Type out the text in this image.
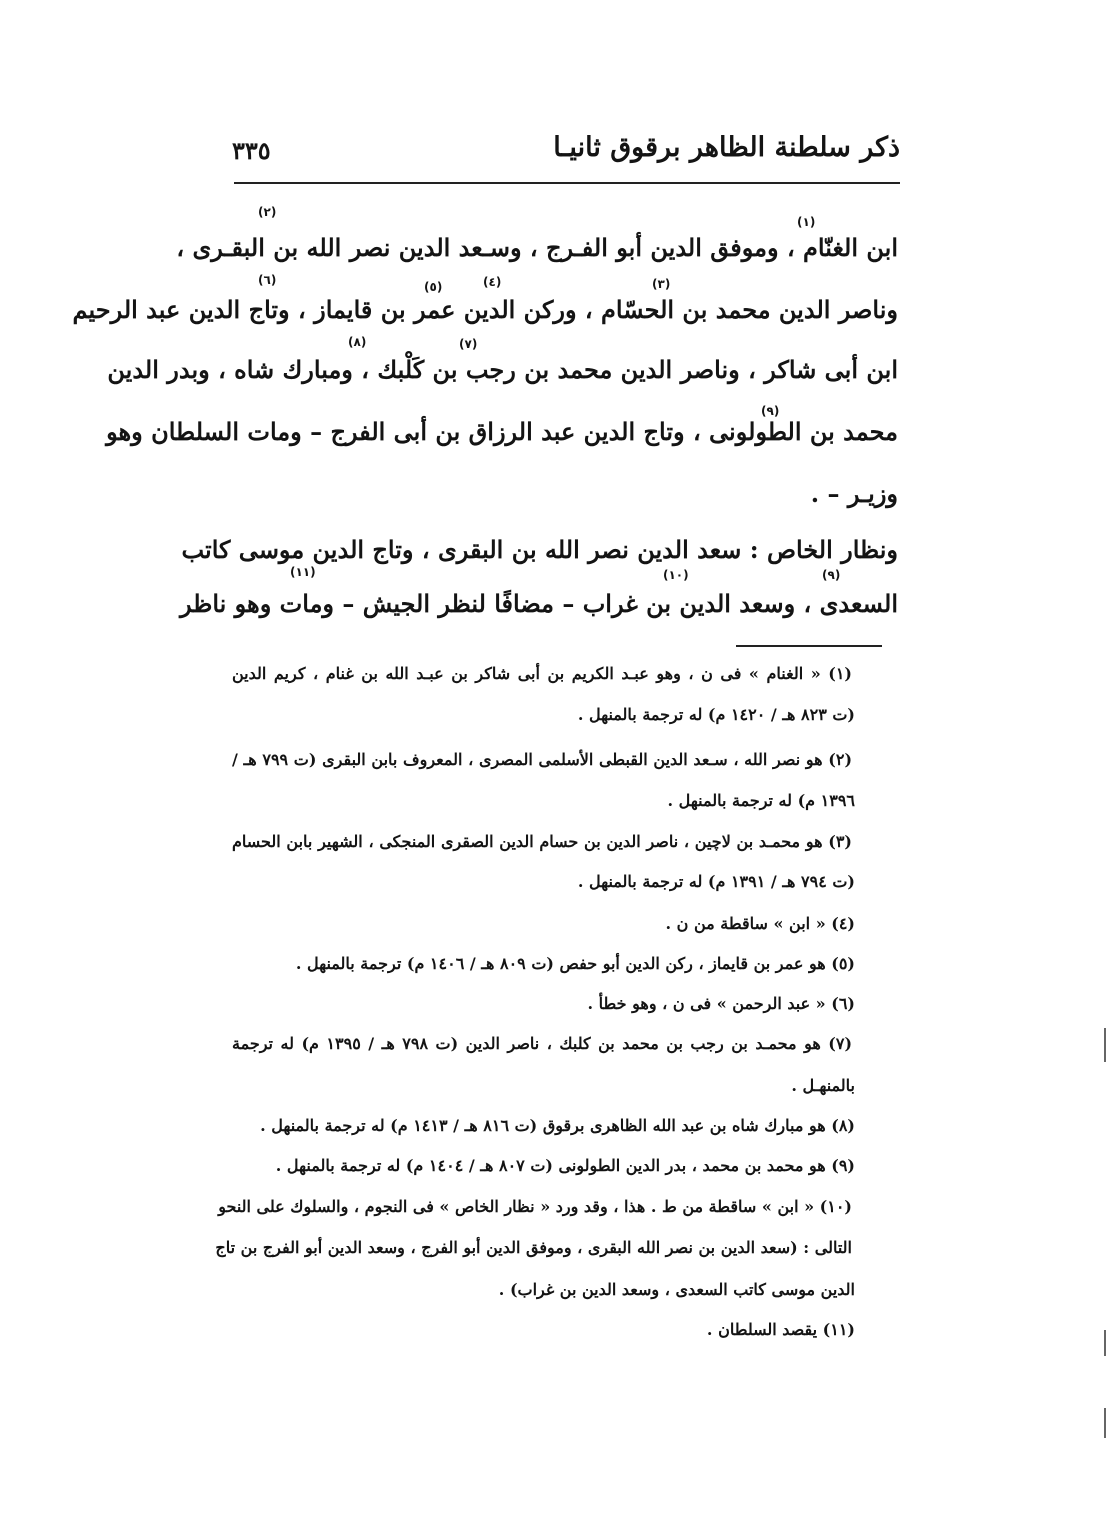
ذكر سلطنة الظاهر برقوق ثانيـا
٣٣٥
ابن الغنّام ، وموفق الدين أبو الفـرج ، وسـعد الدين نصر الله بن البقـرى ،
وناصر الدين محمد بن الحسّام ، وركن الدين عمر بن قايماز ، وتاج الدين عبد الرحيم
ابن أبى شاكر ، وناصر الدين محمد بن رجب بن كَلْبك ، ومبارك شاه ، وبدر الدين
محمد بن الطولونى ، وتاج الدين عبد الرزاق بن أبى الفرج – ومات السلطان وهو
وزيـر – .
ونظار الخاص : سعد الدين نصر الله بن البقرى ، وتاج الدين موسى كاتب
السعدى ، وسعد الدين بن غراب – مضافًا لنظر الجيش – ومات وهو ناظر
(١)
(٢)
(٣)
(٤)
(٥)
(٦)
(٧)
(٨)
(٩)
(٩)
(١٠)
(١١)
(١) « الغنام » فى ن ، وهو عبـد الكريم بن أبى شاكر بن عبـد الله بن غنام ، كريم الدين
(ت ٨٢٣ هـ / ١٤٢٠ م) له ترجمة بالمنهل .
(٢) هو نصر الله ، سـعد الدين القبطى الأسلمى المصرى ، المعروف بابن البقرى (ت ٧٩٩ هـ /
١٣٩٦ م) له ترجمة بالمنهل .
(٣) هو محمـد بن لاچين ، ناصر الدين بن حسام الدين الصقرى المنجكى ، الشهير بابن الحسام
(ت ٧٩٤ هـ / ١٣٩١ م) له ترجمة بالمنهل .
(٤) « ابن » ساقطة من ن .
(٥) هو عمر بن قايماز ، ركن الدين أبو حفص (ت ٨٠٩ هـ / ١٤٠٦ م) ترجمة بالمنهل .
(٦) « عبد الرحمن » فى ن ، وهو خطأ .
(٧) هو محمـد بن رجب بن محمد بن كلبك ، ناصر الدين (ت ٧٩٨ هـ / ١٣٩٥ م) له ترجمة
بالمنهـل .
(٨) هو مبارك شاه بن عبد الله الظاهرى برقوق (ت ٨١٦ هـ / ١٤١٣ م) له ترجمة بالمنهل .
(٩) هو محمد بن محمد ، بدر الدين الطولونى (ت ٨٠٧ هـ / ١٤٠٤ م) له ترجمة بالمنهل .
(١٠) « ابن » ساقطة من ط . هذا ، وقد ورد « نظار الخاص » فى النجوم ، والسلوك على النحو
التالى : (سعد الدين بن نصر الله البقرى ، وموفق الدين أبو الفرج ، وسعد الدين أبو الفرج بن تاج
الدين موسى كاتب السعدى ، وسعد الدين بن غراب) .
(١١) يقصد السلطان .
